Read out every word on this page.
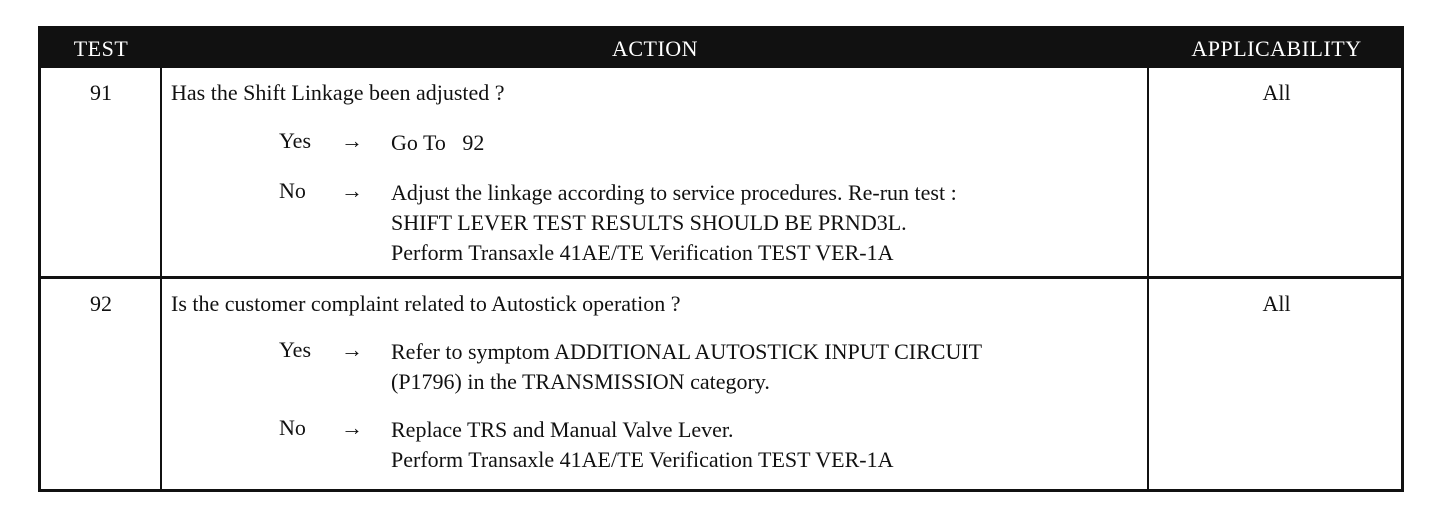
TEST	ACTION	APPLICABILITY
91	Has the Shift Linkage been adjusted ?	All
Yes → Go To   92
No → Adjust the linkage according to service procedures. Re-run test :
SHIFT LEVER TEST RESULTS SHOULD BE PRND3L.
Perform Transaxle 41AE/TE Verification TEST VER-1A
92	Is the customer complaint related to Autostick operation ?	All
Yes → Refer to symptom ADDITIONAL AUTOSTICK INPUT CIRCUIT
(P1796) in the TRANSMISSION category.
No → Replace TRS and Manual Valve Lever.
Perform Transaxle 41AE/TE Verification TEST VER-1A
